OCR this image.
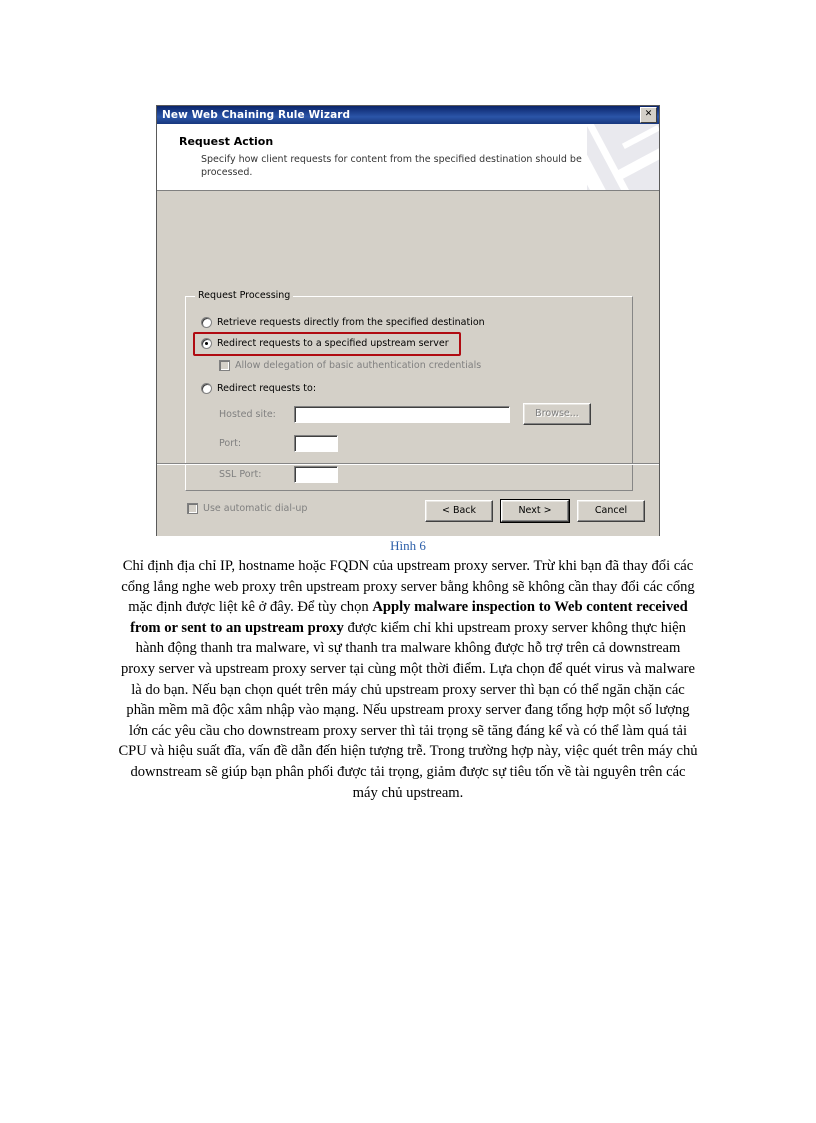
New Web Chaining Rule Wizard	✕
Request Action
Specify how client requests for content from the specified destination should be processed.
Request Processing
Retrieve requests directly from the specified destination
Redirect requests to a specified upstream server
Allow delegation of basic authentication credentials
Redirect requests to:
Hosted site:	Browse...
Port:
SSL Port:
Use automatic dial-up	< Back	Next >	Cancel
Hình 6
Chỉ định địa chỉ IP, hostname hoặc FQDN của upstream proxy server. Trừ khi bạn đã thay đổi các cổng lắng nghe web proxy trên upstream proxy server bằng không sẽ không cần thay đổi các cổng mặc định được liệt kê ở đây. Để tùy chọn Apply malware inspection to Web content received from or sent to an upstream proxy được kiểm chỉ khi upstream proxy server không thực hiện hành động thanh tra malware, vì sự thanh tra malware không được hỗ trợ trên cả downstream proxy server và upstream proxy server tại cùng một thời điểm. Lựa chọn để quét virus và malware là do bạn. Nếu bạn chọn quét trên máy chủ upstream proxy server thì bạn có thể ngăn chặn các phần mềm mã độc xâm nhập vào mạng. Nếu upstream proxy server đang tổng hợp một số lượng lớn các yêu cầu cho downstream proxy server thì tải trọng sẽ tăng đáng kể và có thể làm quá tải CPU và hiệu suất đĩa, vấn đề dẫn đến hiện tượng trễ. Trong trường hợp này, việc quét trên máy chủ downstream sẽ giúp bạn phân phối được tải trọng, giảm được sự tiêu tốn về tài nguyên trên các máy chủ upstream.
